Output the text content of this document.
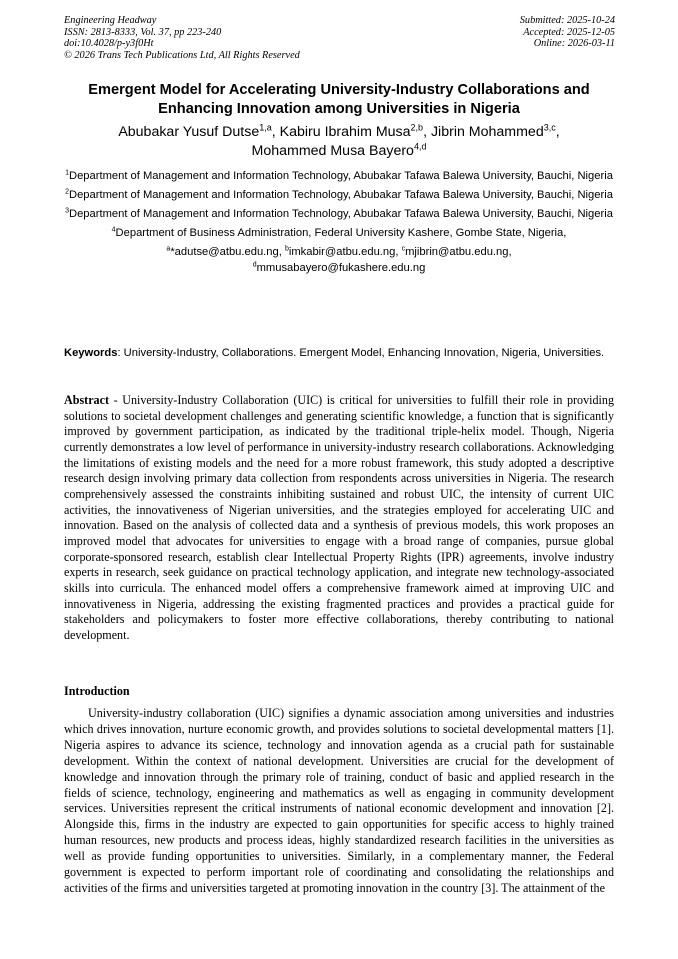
Engineering Headway
ISSN: 2813-8333, Vol. 37, pp 223-240
doi:10.4028/p-y3f0Ht
© 2026 Trans Tech Publications Ltd, All Rights Reserved
Submitted: 2025-10-24
Accepted: 2025-12-05
Online: 2026-03-11
Emergent Model for Accelerating University-Industry Collaborations and Enhancing Innovation among Universities in Nigeria
Abubakar Yusuf Dutse$^{1,a}$, Kabiru Ibrahim Musa$^{2,b}$, Jibrin Mohammed$^{3,c}$,
Mohammed Musa Bayero$^{4,d}$
$^1$Department of Management and Information Technology, Abubakar Tafawa Balewa University, Bauchi, Nigeria
$^2$Department of Management and Information Technology, Abubakar Tafawa Balewa University, Bauchi, Nigeria
$^3$Department of Management and Information Technology, Abubakar Tafawa Balewa University, Bauchi, Nigeria
$^4$Department of Business Administration, Federal University Kashere, Gombe State, Nigeria,
$^a$*adutse@atbu.edu.ng, $^b$imkabir@atbu.edu.ng, $^c$mjibrin@atbu.edu.ng,
$^d$mmusabayero@fukashere.edu.ng
Keywords: University-Industry, Collaborations. Emergent Model, Enhancing Innovation, Nigeria, Universities.
Abstract - University-Industry Collaboration (UIC) is critical for universities to fulfill their role in providing solutions to societal development challenges and generating scientific knowledge, a function that is significantly improved by government participation, as indicated by the traditional triple-helix model. Though, Nigeria currently demonstrates a low level of performance in university-industry research collaborations. Acknowledging the limitations of existing models and the need for a more robust framework, this study adopted a descriptive research design involving primary data collection from respondents across universities in Nigeria. The research comprehensively assessed the constraints inhibiting sustained and robust UIC, the intensity of current UIC activities, the innovativeness of Nigerian universities, and the strategies employed for accelerating UIC and innovation. Based on the analysis of collected data and a synthesis of previous models, this work proposes an improved model that advocates for universities to engage with a broad range of companies, pursue global corporate-sponsored research, establish clear Intellectual Property Rights (IPR) agreements, involve industry experts in research, seek guidance on practical technology application, and integrate new technology-associated skills into curricula. The enhanced model offers a comprehensive framework aimed at improving UIC and innovativeness in Nigeria, addressing the existing fragmented practices and provides a practical guide for stakeholders and policymakers to foster more effective collaborations, thereby contributing to national development.
Introduction
University-industry collaboration (UIC) signifies a dynamic association among universities and industries which drives innovation, nurture economic growth, and provides solutions to societal developmental matters [1]. Nigeria aspires to advance its science, technology and innovation agenda as a crucial path for sustainable development. Within the context of national development. Universities are crucial for the development of knowledge and innovation through the primary role of training, conduct of basic and applied research in the fields of science, technology, engineering and mathematics as well as engaging in community development services. Universities represent the critical instruments of national economic development and innovation [2]. Alongside this, firms in the industry are expected to gain opportunities for specific access to highly trained human resources, new products and process ideas, highly standardized research facilities in the universities as well as provide funding opportunities to universities. Similarly, in a complementary manner, the Federal government is expected to perform important role of coordinating and consolidating the relationships and activities of the firms and universities targeted at promoting innovation in the country [3]. The attainment of the
